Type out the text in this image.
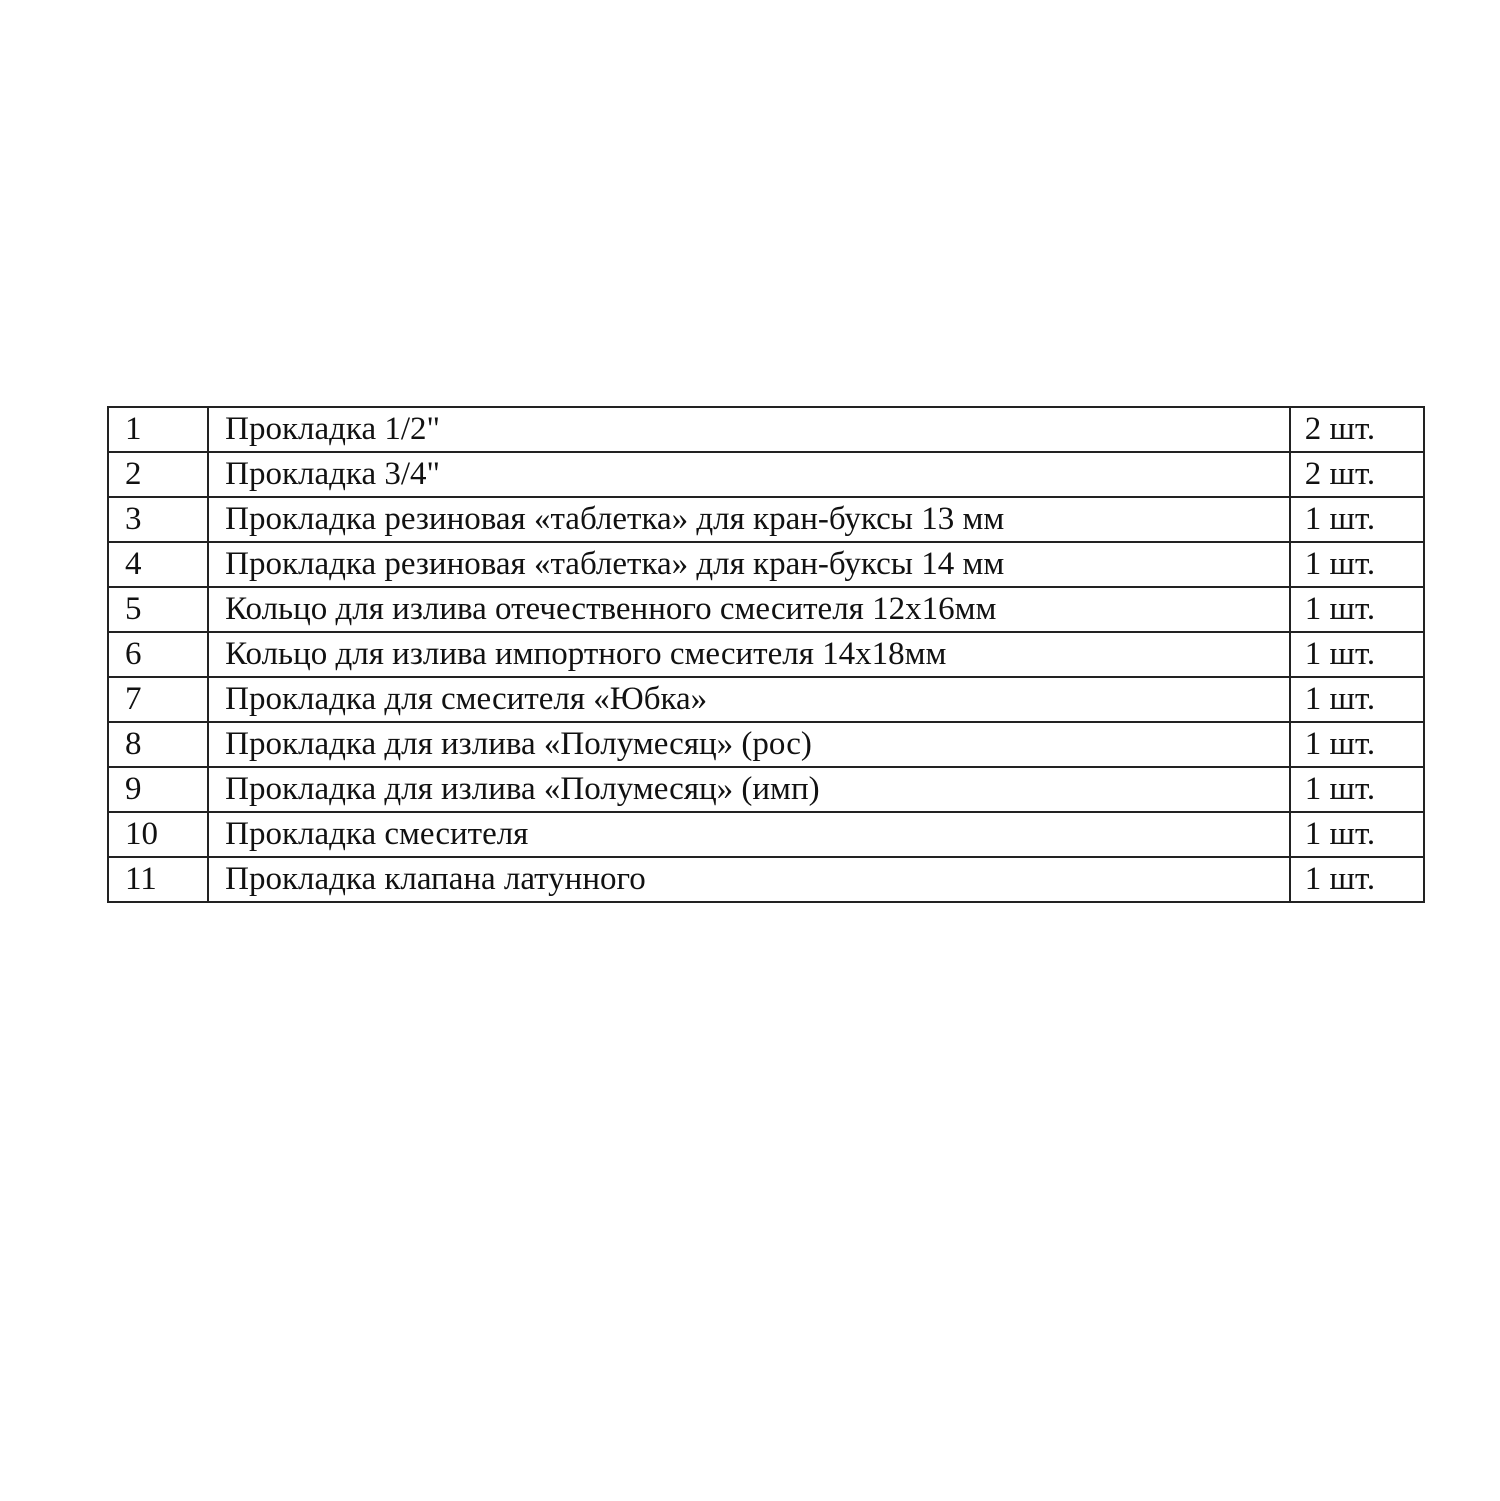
1	Прокладка 1/2"	2 шт.
2	Прокладка 3/4"	2 шт.
3	Прокладка резиновая «таблетка» для кран-буксы 13 мм	1 шт.
4	Прокладка резиновая «таблетка» для кран-буксы 14 мм	1 шт.
5	Кольцо для излива отечественного смесителя 12х16мм	1 шт.
6	Кольцо для излива импортного смесителя 14х18мм	1 шт.
7	Прокладка для смесителя «Юбка»	1 шт.
8	Прокладка для излива «Полумесяц» (рос)	1 шт.
9	Прокладка для излива «Полумесяц» (имп)	1 шт.
10	Прокладка смесителя	1 шт.
11	Прокладка клапана латунного	1 шт.
